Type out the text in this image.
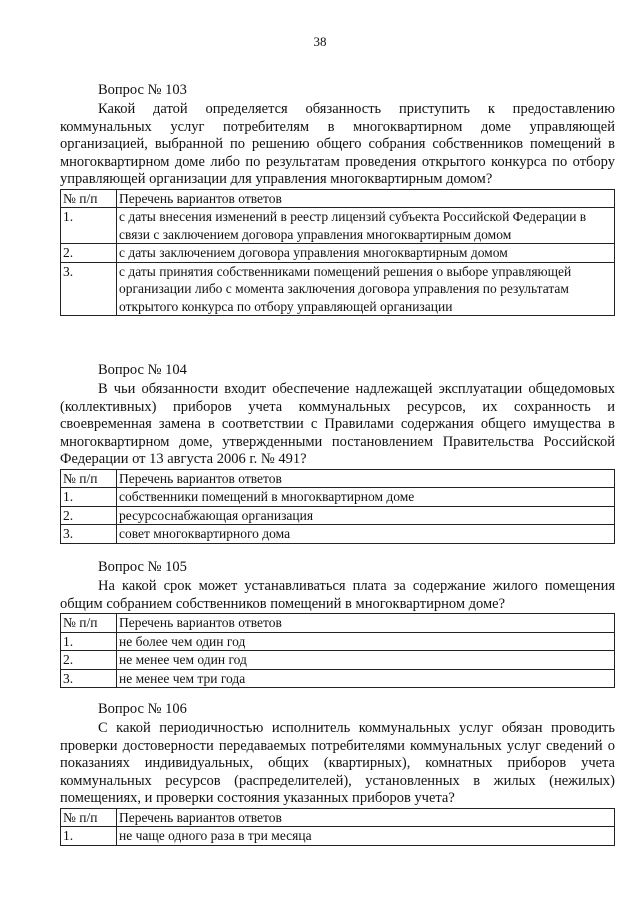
38

Вопрос № 103

Какой датой определяется обязанность приступить к предоставлению коммунальных услуг потребителям в многоквартирном доме управляющей организацией, выбранной по решению общего собрания собственников помещений в многоквартирном доме либо по результатам проведения открытого конкурса по отбору управляющей организации для управления многоквартирным домом?

№ п/п	Перечень вариантов ответов
1.	с даты внесения изменений в реестр лицензий субъекта Российской Федерации в связи с заключением договора управления многоквартирным домом
2.	с даты заключением договора управления многоквартирным домом
3.	с даты принятия собственниками помещений решения о выборе управляющей организации либо с момента заключения договора управления по результатам открытого конкурса по отбору управляющей организации

Вопрос № 104

В чьи обязанности входит обеспечение надлежащей эксплуатации общедомовых (коллективных) приборов учета коммунальных ресурсов, их сохранность и своевременная замена в соответствии с Правилами содержания общего имущества в многоквартирном доме, утвержденными постановлением Правительства Российской Федерации от 13 августа 2006 г. № 491?

№ п/п	Перечень вариантов ответов
1.	собственники помещений в многоквартирном доме
2.	ресурсоснабжающая организация
3.	совет многоквартирного дома

Вопрос № 105

На какой срок может устанавливаться плата за содержание жилого помещения общим собранием собственников помещений в многоквартирном доме?

№ п/п	Перечень вариантов ответов
1.	не более чем один год
2.	не менее чем один год
3.	не менее чем три года

Вопрос № 106

С какой периодичностью исполнитель коммунальных услуг обязан проводить проверки достоверности передаваемых потребителями коммунальных услуг сведений о показаниях индивидуальных, общих (квартирных), комнатных приборов учета коммунальных ресурсов (распределителей), установленных в жилых (нежилых) помещениях, и проверки состояния указанных приборов учета?

№ п/п	Перечень вариантов ответов
1.	не чаще одного раза в три месяца
